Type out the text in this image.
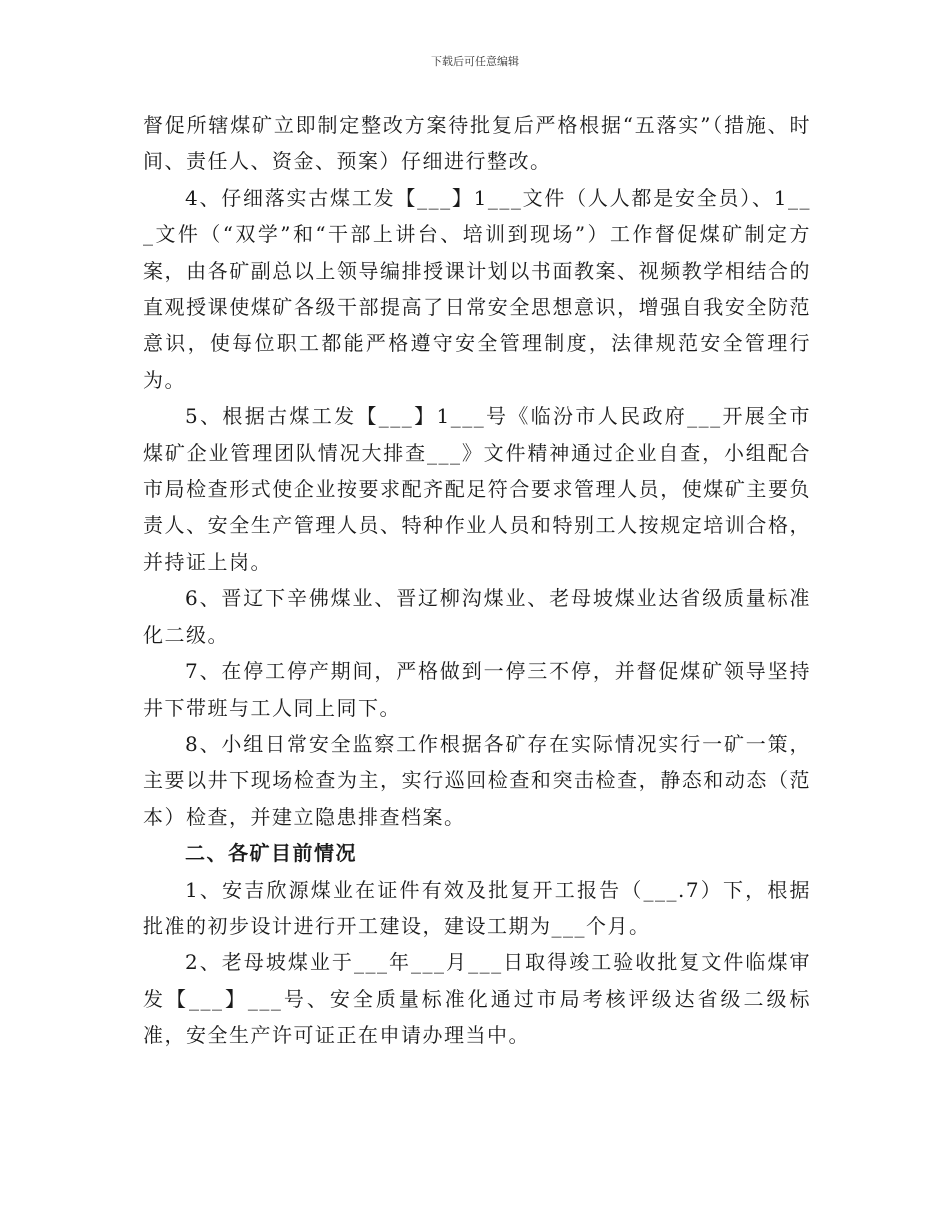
下载后可任意编辑

督促所辖煤矿立即制定整改方案待批复后严格根据“五落实”（措施、时间、责任人、资金、预案）仔细进行整改。

4、仔细落实古煤工发【___】1___文件（人人都是安全员）、1___文件（“双学”和“干部上讲台、培训到现场”）工作督促煤矿制定方案，由各矿副总以上领导编排授课计划以书面教案、视频教学相结合的直观授课使煤矿各级干部提高了日常安全思想意识，增强自我安全防范意识，使每位职工都能严格遵守安全管理制度，法律规范安全管理行为。

5、根据古煤工发【___】1___号《临汾市人民政府___开展全市煤矿企业管理团队情况大排查___》文件精神通过企业自查，小组配合市局检查形式使企业按要求配齐配足符合要求管理人员，使煤矿主要负责人、安全生产管理人员、特种作业人员和特别工人按规定培训合格，并持证上岗。

6、晋辽下辛佛煤业、晋辽柳沟煤业、老母坡煤业达省级质量标准化二级。

7、在停工停产期间，严格做到一停三不停，并督促煤矿领导坚持井下带班与工人同上同下。

8、小组日常安全监察工作根据各矿存在实际情况实行一矿一策，主要以井下现场检查为主，实行巡回检查和突击检查，静态和动态（范本）检查，并建立隐患排查档案。

二、各矿目前情况

1、安吉欣源煤业在证件有效及批复开工报告（___.7）下，根据批准的初步设计进行开工建设，建设工期为___个月。

2、老母坡煤业于___年___月___日取得竣工验收批复文件临煤审发【___】___号、安全质量标准化通过市局考核评级达省级二级标准，安全生产许可证正在申请办理当中。
